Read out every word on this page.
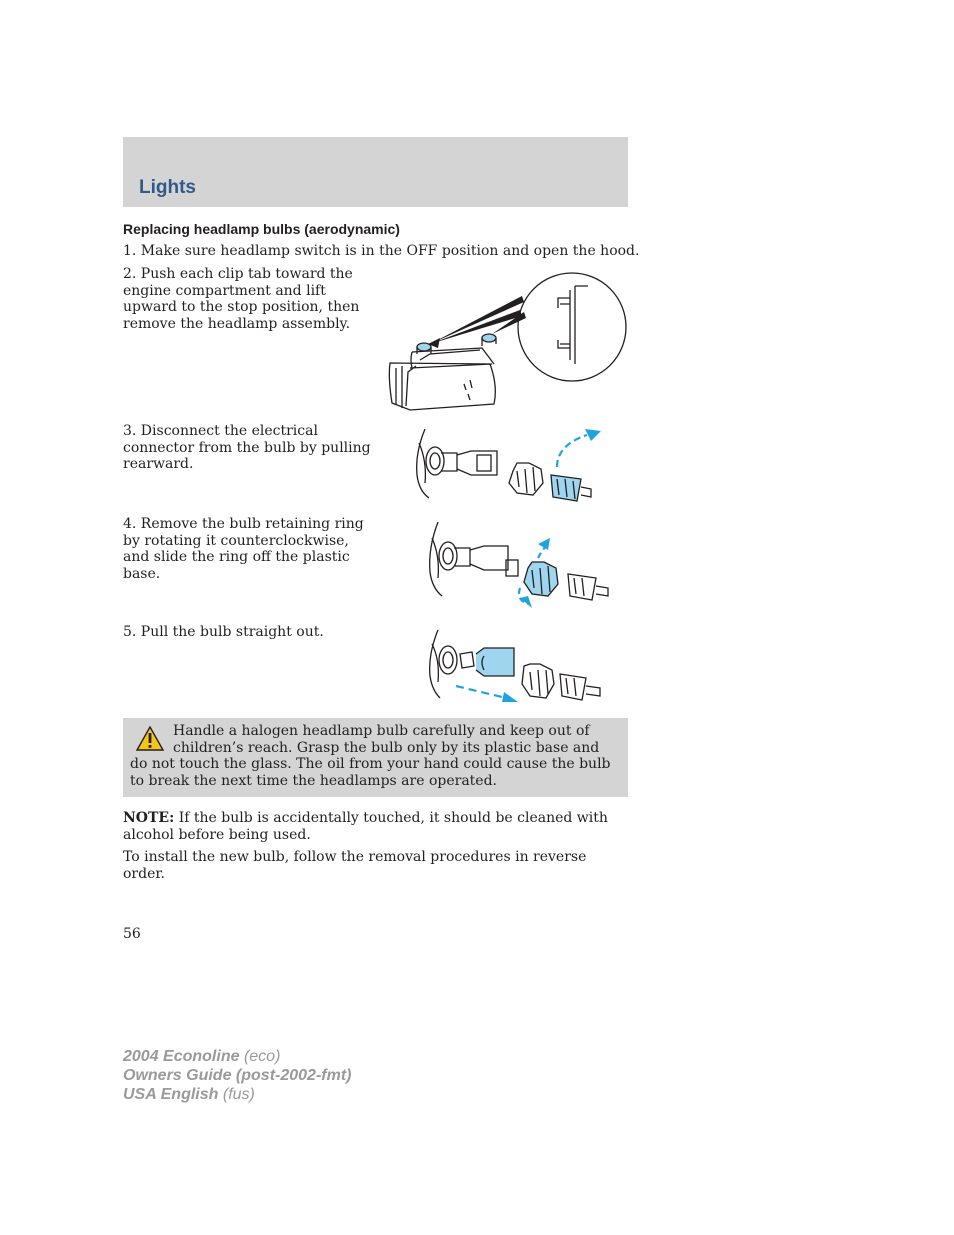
Lights
Replacing headlamp bulbs (aerodynamic)
1. Make sure headlamp switch is in the OFF position and open the hood.
2. Push each clip tab toward the engine compartment and lift upward to the stop position, then remove the headlamp assembly.
3. Disconnect the electrical connector from the bulb by pulling rearward.
4. Remove the bulb retaining ring by rotating it counterclockwise, and slide the ring off the plastic base.
5. Pull the bulb straight out.
Handle a halogen headlamp bulb carefully and keep out of children’s reach. Grasp the bulb only by its plastic base and do not touch the glass. The oil from your hand could cause the bulb to break the next time the headlamps are operated.
NOTE: If the bulb is accidentally touched, it should be cleaned with alcohol before being used.
To install the new bulb, follow the removal procedures in reverse order.
56
2004 Econoline (eco)
Owners Guide (post-2002-fmt)
USA English (fus)
